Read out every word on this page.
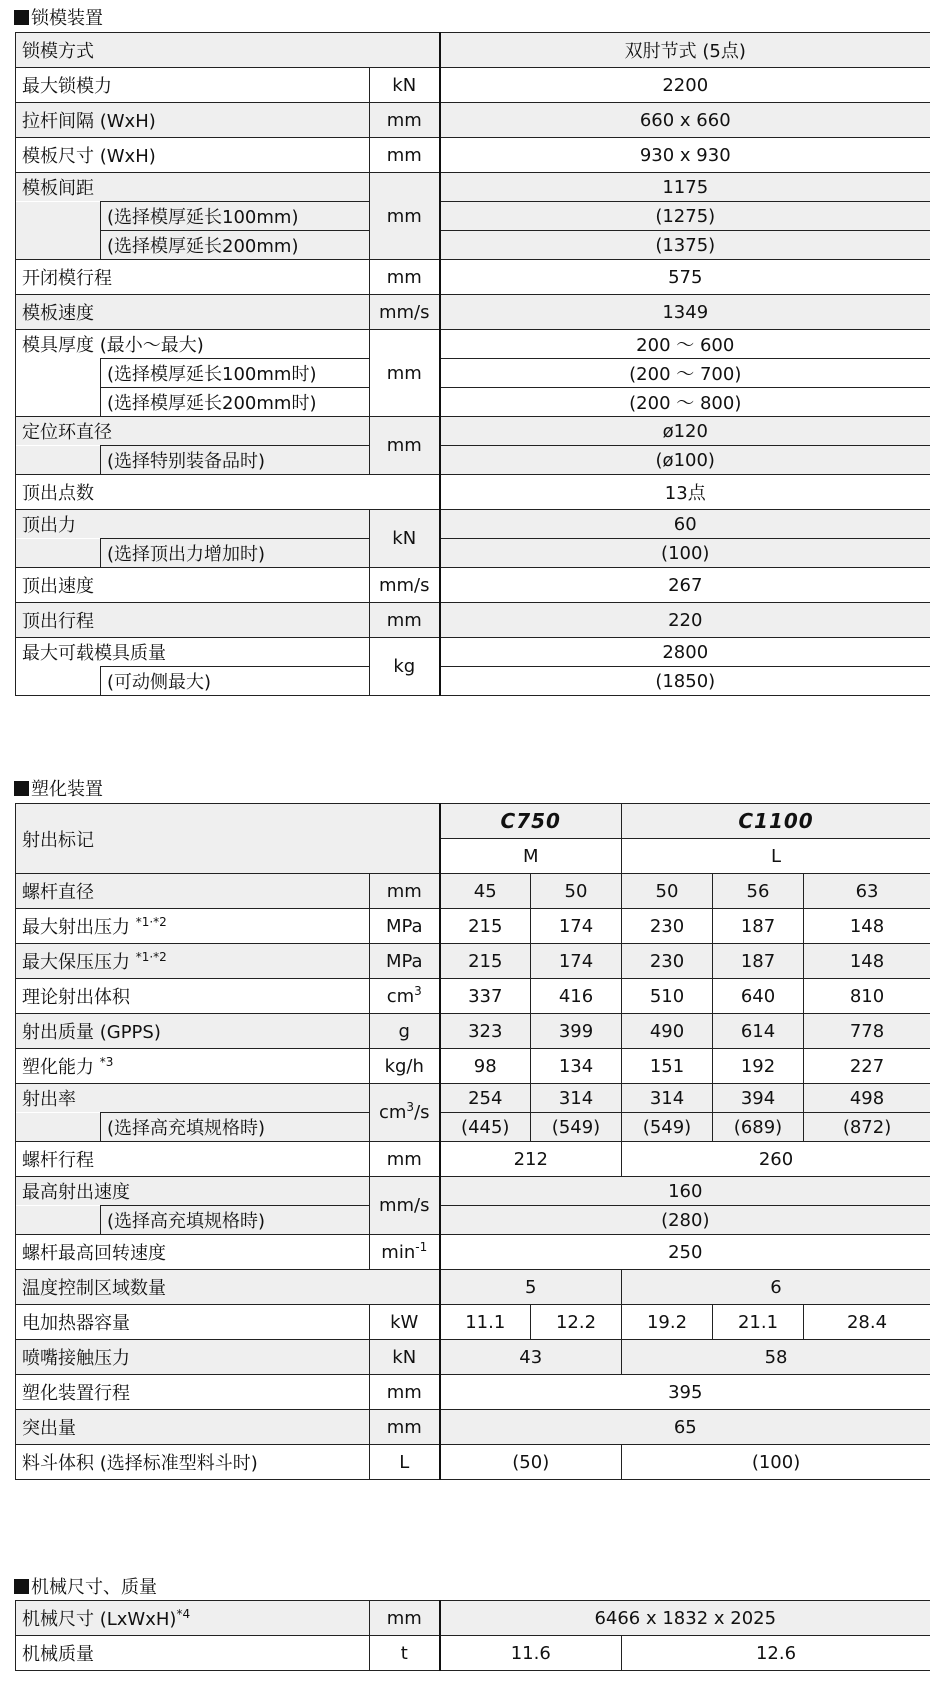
锁模装置
锁模方式			双肘节式 (5点)
最大锁模力		kN	2200
拉杆间隔 (WxH)		mm	660 x 660
模板尺寸 (WxH)		mm	930 x 930
模板间距		mm	1175
	(选择模厚延长100mm)		(1275)
	(选择模厚延长200mm)		(1375)
开闭模行程		mm	575
模板速度		mm/s	1349
模具厚度 (最小～最大)		mm	200 ～ 600
	(选择模厚延长100mm时)		(200 ～ 700)
	(选择模厚延长200mm时)		(200 ～ 800)
定位环直径		mm	ø120
	(选择特别装备品时)		(ø100)
顶出点数			13点
顶出力		kN	60
	(选择顶出力增加时)		(100)
顶出速度		mm/s	267
顶出行程		mm	220
最大可载模具质量		kg	2800
	(可动侧最大)		(1850)
塑化装置
射出标记			C750		C1100		
			M		L		
螺杆直径		mm	45	50	50	56	63
最大射出压力 $^{*1\cdot*2}$		MPa	215	174	230	187	148
最大保压压力 $^{*1\cdot*2}$		MPa	215	174	230	187	148
理论射出体积		$cm^3$	337	416	510	640	810
射出质量 (GPPS)		g	323	399	490	614	778
塑化能力 $^{*3}$		kg/h	98	134	151	192	227
射出率		$cm^3/s$	254	314	314	394	498
	(选择高充填规格時)		(445)	(549)	(549)	(689)	(872)
螺杆行程		mm	212		260		
最高射出速度		mm/s	160				
	(选择高充填规格時)		(280)				
螺杆最高回转速度		$\min^{-1}$	250				
温度控制区域数量			5		6		
电加热器容量		kW	11.1	12.2	19.2	21.1	28.4
喷嘴接触压力		kN	43		58		
塑化装置行程		mm	395				
突出量		mm	65				
料斗体积 (选择标准型料斗时)		L	(50)		(100)		
机械尺寸、质量
机械尺寸 (LxWxH)$^{*4}$	mm	6466 x 1832 x 2025	
机械质量	t	11.6	12.6
